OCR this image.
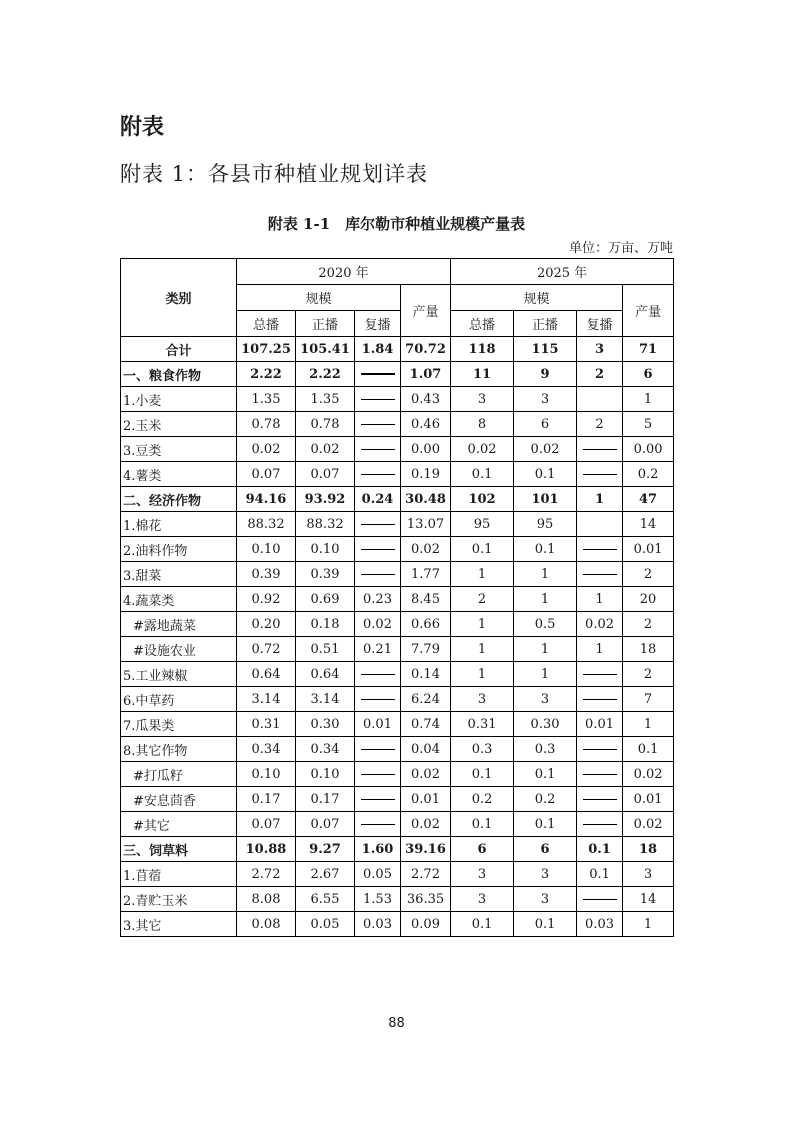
附表

附表 1：各县市种植业规划详表

附表 1-1　库尔勒市种植业规模产量表

单位：万亩、万吨

类别	2020 年				2025 年			
	规模			产量	规模			产量
	总播	正播	复播		总播	正播	复播	
合计	107.25	105.41	1.84	70.72	118	115	3	71
一、粮食作物	2.22	2.22		1.07	11	9	2	6
1.小麦	1.35	1.35		0.43	3	3		1
2.玉米	0.78	0.78		0.46	8	6	2	5
3.豆类	0.02	0.02		0.00	0.02	0.02		0.00
4.薯类	0.07	0.07		0.19	0.1	0.1		0.2
二、经济作物	94.16	93.92	0.24	30.48	102	101	1	47
1.棉花	88.32	88.32		13.07	95	95		14
2.油料作物	0.10	0.10		0.02	0.1	0.1		0.01
3.甜菜	0.39	0.39		1.77	1	1		2
4.蔬菜类	0.92	0.69	0.23	8.45	2	1	1	20
#露地蔬菜	0.20	0.18	0.02	0.66	1	0.5	0.02	2
#设施农业	0.72	0.51	0.21	7.79	1	1	1	18
5.工业辣椒	0.64	0.64		0.14	1	1		2
6.中草药	3.14	3.14		6.24	3	3		7
7.瓜果类	0.31	0.30	0.01	0.74	0.31	0.30	0.01	1
8.其它作物	0.34	0.34		0.04	0.3	0.3		0.1
#打瓜籽	0.10	0.10		0.02	0.1	0.1		0.02
#安息茴香	0.17	0.17		0.01	0.2	0.2		0.01
#其它	0.07	0.07		0.02	0.1	0.1		0.02
三、饲草料	10.88	9.27	1.60	39.16	6	6	0.1	18
1.苜蓿	2.72	2.67	0.05	2.72	3	3	0.1	3
2.青贮玉米	8.08	6.55	1.53	36.35	3	3		14
3.其它	0.08	0.05	0.03	0.09	0.1	0.1	0.03	1

88
